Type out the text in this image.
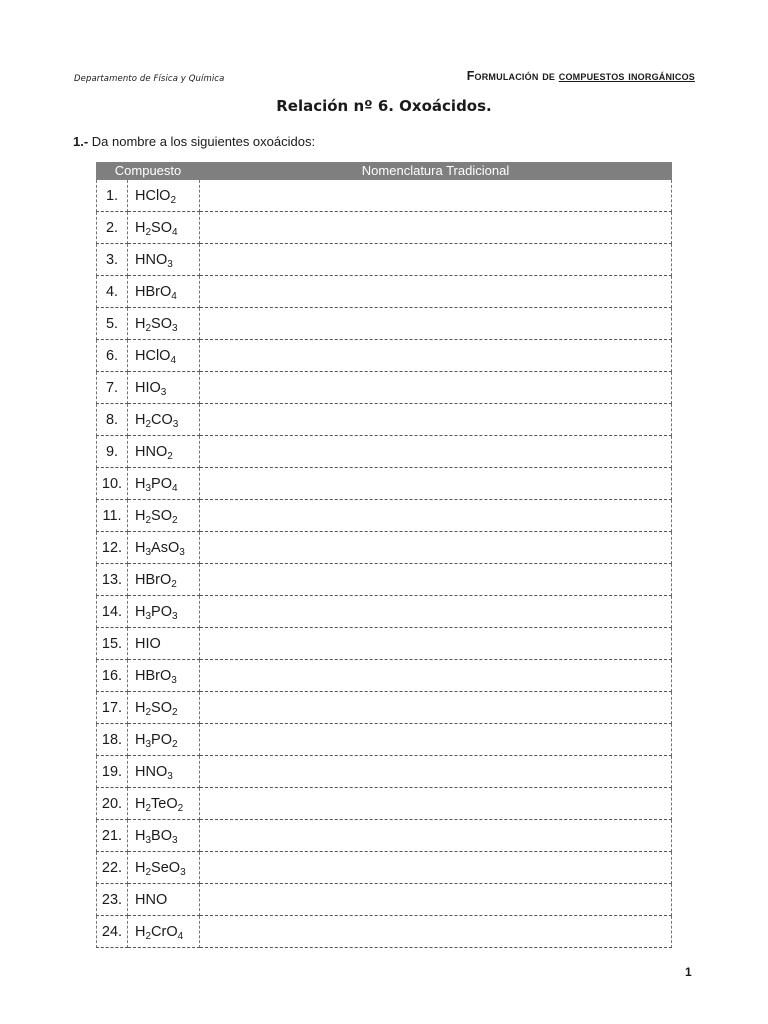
Departamento de Física y Química	Formulación de compuestos inorgánicos
Relación nº 6. Oxoácidos.
1.- Da nombre a los siguientes oxoácidos:
Compuesto		Nomenclatura Tradicional
1.	HClO$_2$	
2.	$H_2SO_4$	
3.	$HNO_3$	
4.	HBrO$_4$	
5.	$H_2SO_3$	
6.	HClO$_4$	
7.	$HIO_3$	
8.	$H_2CO_3$	
9.	$HNO_2$	
10.	$H_3PO_4$	
11.	$H_2SO_2$	
12.	$H_3AsO_3$	
13.	HBrO$_2$	
14.	$H_3PO_3$	
15.	HIO	
16.	HBrO$_3$	
17.	$H_2SO_2$	
18.	$H_3PO_2$	
19.	$HNO_3$	
20.	$H_2TeO_2$	
21.	$H_3BO_3$	
22.	$H_2SeO_3$	
23.	HNO	
24.	$H_2CrO_4$	
1
